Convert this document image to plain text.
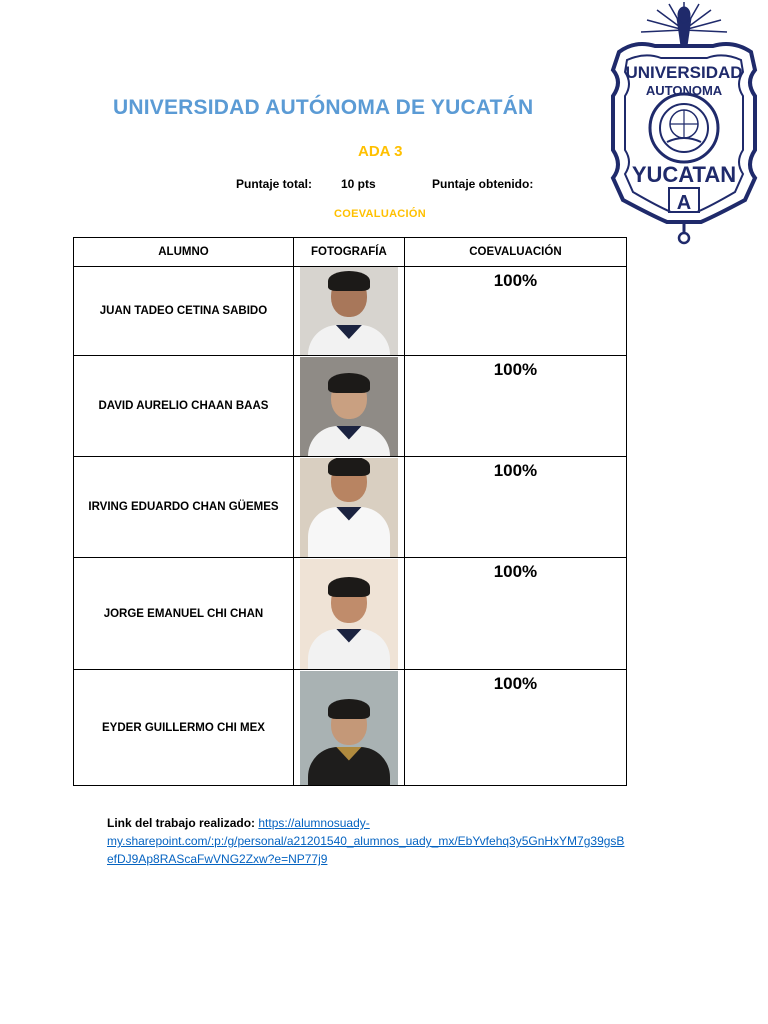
UNIVERSIDAD AUTÓNOMA DE YUCATÁN
ADA 3
Puntaje total: 10 pts	Puntaje obtenido:
COEVALUACIÓN
UNIVERSIDAD
AUTONOMA
YUCATAN
A
ALUMNO	FOTOGRAFÍA	COEVALUACIÓN
JUAN TADEO CETINA SABIDO		100%
DAVID AURELIO CHAAN BAAS		100%
IRVING EDUARDO CHAN GÜEMES		100%
JORGE EMANUEL CHI CHAN		100%
EYDER GUILLERMO CHI MEX		100%
Link del trabajo realizado: https://alumnosuady-
my.sharepoint.com/:p:/g/personal/a21201540_alumnos_uady_mx/EbYvfehq3y5GnHxYM7g39gsB
efDJ9Ap8RAScaFwVNG2Zxw?e=NP77j9
